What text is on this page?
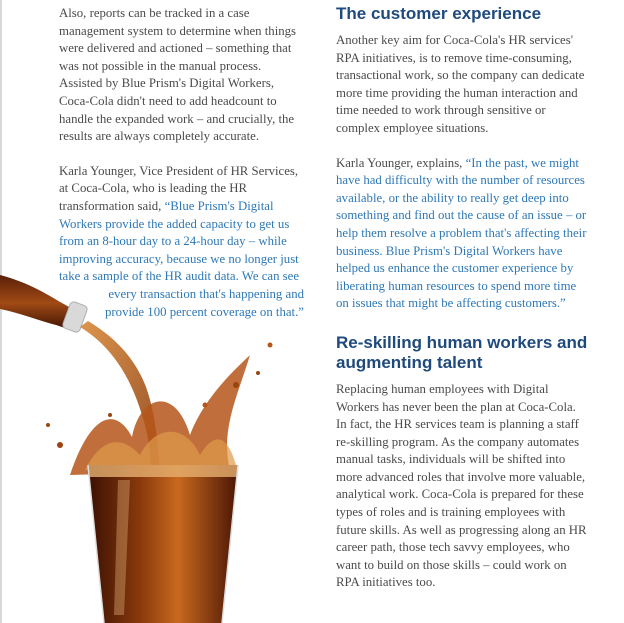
Also, reports can be tracked in a case management system to determine when things were delivered and actioned – something that was not possible in the manual process. Assisted by Blue Prism's Digital Workers, Coca-Cola didn't need to add headcount to handle the expanded work – and crucially, the results are always completely accurate.

Karla Younger, Vice President of HR Services, at Coca-Cola, who is leading the HR transformation said, “Blue Prism's Digital Workers provide the added capacity to get us from an 8-hour day to a 24-hour day – while improving accuracy, because we no longer just take a sample of the HR audit data. We can see

every transaction that's happening and

provide 100 percent coverage on that.”

The customer experience

Another key aim for Coca-Cola's HR services' RPA initiatives, is to remove time-consuming, transactional work, so the company can dedicate more time providing the human interaction and time needed to work through sensitive or complex employee situations.

Karla Younger, explains, “In the past, we might have had difficulty with the number of resources available, or the ability to really get deep into something and find out the cause of an issue – or help them resolve a problem that's affecting their business. Blue Prism's Digital Workers have helped us enhance the customer experience by liberating human resources to spend more time on issues that might be affecting customers.”

Re-skilling human workers and augmenting talent

Replacing human employees with Digital Workers has never been the plan at Coca-Cola. In fact, the HR services team is planning a staff re-skilling program. As the company automates manual tasks, individuals will be shifted into more advanced roles that involve more valuable, analytical work. Coca-Cola is prepared for these types of roles and is training employees with future skills. As well as progressing along an HR career path, those tech savvy employees, who want to build on those skills – could work on RPA initiatives too.
